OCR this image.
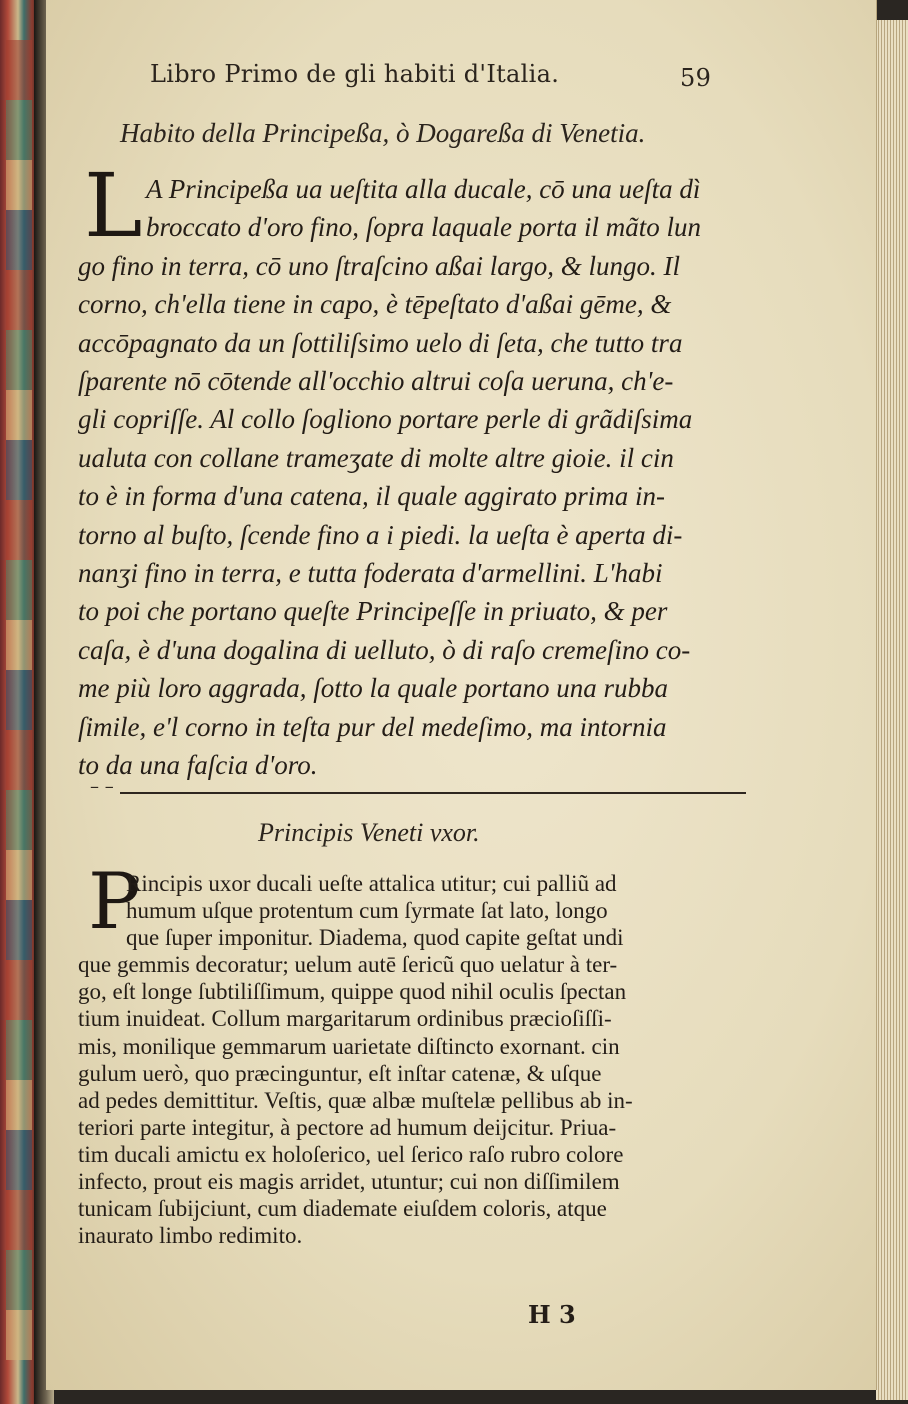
Libro Primo de gli habiti d'Italia.	59
Habito della Principeßa, ò Dogareßa di Venetia.
L A Principeßa ua ueſtita alla ducale, cō una ueſta dì
broccato d'oro fino, ſopra laquale porta il mãto lun
go fino in terra, cō uno ſtraſcino aßai largo, & lungo. Il
corno, ch'ella tiene in capo, è tēpeſtato d'aßai gēme, &
accōpagnato da un ſottiliſsimo uelo di ſeta, che tutto tra
ſparente nō cōtende all'occhio altrui coſa ueruna, ch'e-
gli copriſſe. Al collo ſogliono portare perle di grãdiſsima
ualuta con collane trameʒate di molte altre gioie. il cin
to è in forma d'una catena, il quale aggirato prima in-
torno al buſto, ſcende fino a i piedi. la ueſta è aperta di-
nanʒi fino in terra, e tutta foderata d'armellini. L'habi
to poi che portano queſte Principeſſe in priuato, & per
caſa, è d'una dogalina di uelluto, ò di raſo cremeſino co-
me più loro aggrada, ſotto la quale portano una rubba
ſimile, e'l corno in teſta pur del medeſimo, ma intornia
to da una faſcia d'oro.
– –
Principis Veneti vxor.
P
Rincipis uxor ducali ueſte attalica utitur; cui palliũ ad
humum uſque protentum cum ſyrmate ſat lato, longo
que ſuper imponitur. Diadema, quod capite geſtat undi
que gemmis decoratur; uelum autē ſericũ quo uelatur à ter-
go, eſt longe ſubtiliſſimum, quippe quod nihil oculis ſpectan
tium inuideat. Collum margaritarum ordinibus præcioſiſſi-
mis, monilique gemmarum uarietate diſtincto exornant. cin
gulum uerò, quo præcinguntur, eſt inſtar catenæ, & uſque
ad pedes demittitur. Veſtis, quæ albæ muſtelæ pellibus ab in-
teriori parte integitur, à pectore ad humum deijcitur. Priua-
tim ducali amictu ex holoſerico, uel ſerico raſo rubro colore
infecto, prout eis magis arridet, utuntur; cui non diſſimilem
tunicam ſubijciunt, cum diademate eiuſdem coloris, atque
inaurato limbo redimito.
H 3
